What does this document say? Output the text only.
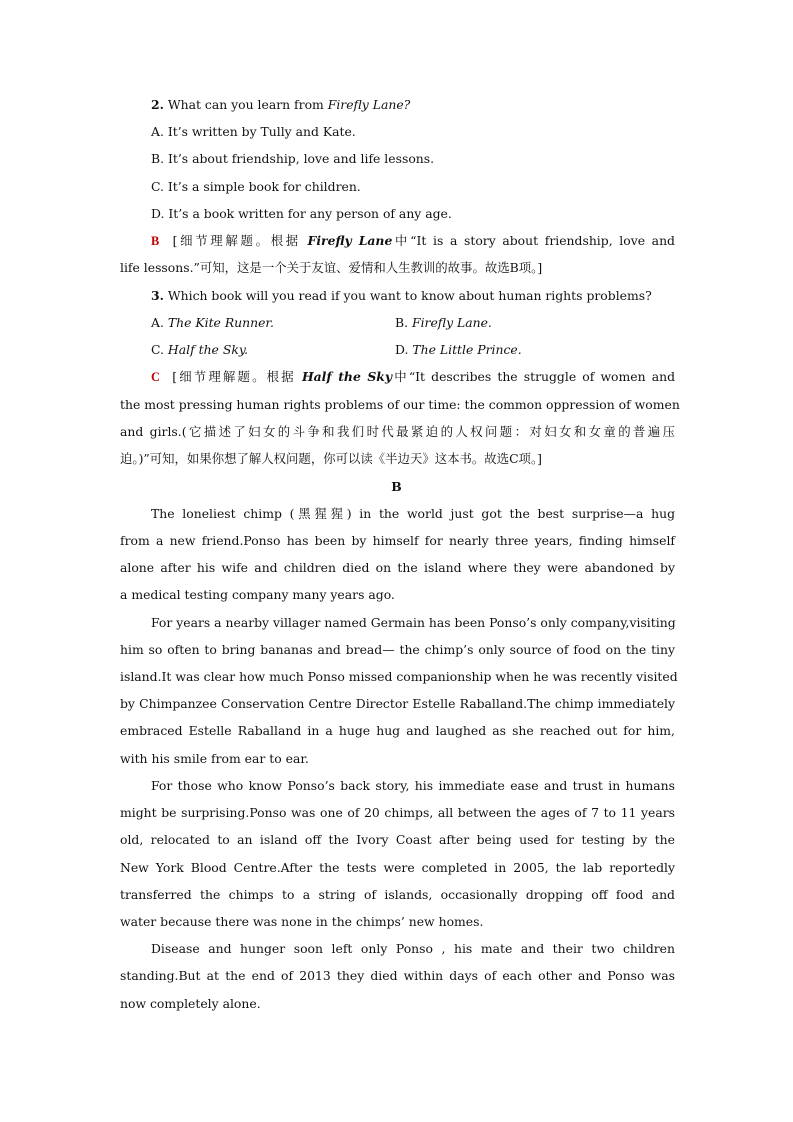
2. What can you learn from Firefly Lane?
A. It’s written by Tully and Kate.
B. It’s about friendship, love and life lessons.
C. It’s a simple book for children.
D. It’s a book written for any person of any age.
B [细节理解题。根据 Firefly Lane中“It is a story about friendship, love and
life lessons.”可知，这是一个关于友谊、爱情和人生教训的故事。故选B项。]
3. Which book will you read if you want to know about human rights problems?
A. The Kite Runner.	B. Firefly Lane.
C. Half the Sky.	D. The Little Prince.
C [细节理解题。根据 Half the Sky中“It describes the struggle of women and
the most pressing human rights problems of our time: the common oppression of women
and girls.(它描述了妇女的斗争和我们时代最紧迫的人权问题：对妇女和女童的普遍压
迫。)”可知，如果你想了解人权问题，你可以读《半边天》这本书。故选C项。]
B
The loneliest chimp (黑猩猩) in the world just got the best surprise—a hug
from a new friend.Ponso has been by himself for nearly three years, finding himself
alone after his wife and children died on the island where they were abandoned by
a medical testing company many years ago.
For years a nearby villager named Germain has been Ponso’s only company,visiting
him so often to bring bananas and bread— the chimp’s only source of food on the tiny
island.It was clear how much Ponso missed companionship when he was recently visited
by Chimpanzee Conservation Centre Director Estelle Raballand.The chimp immediately
embraced Estelle Raballand in a huge hug and laughed as she reached out for him,
with his smile from ear to ear.
For those who know Ponso’s back story, his immediate ease and trust in humans
might be surprising.Ponso was one of 20 chimps, all between the ages of 7 to 11 years
old, relocated to an island off the Ivory Coast after being used for testing by the
New York Blood Centre.After the tests were completed in 2005, the lab reportedly
transferred the chimps to a string of islands, occasionally dropping off food and
water because there was none in the chimps’ new homes.
Disease and hunger soon left only Ponso , his mate and their two children
standing.But at the end of 2013 they died within days of each other and Ponso was
now completely alone.
